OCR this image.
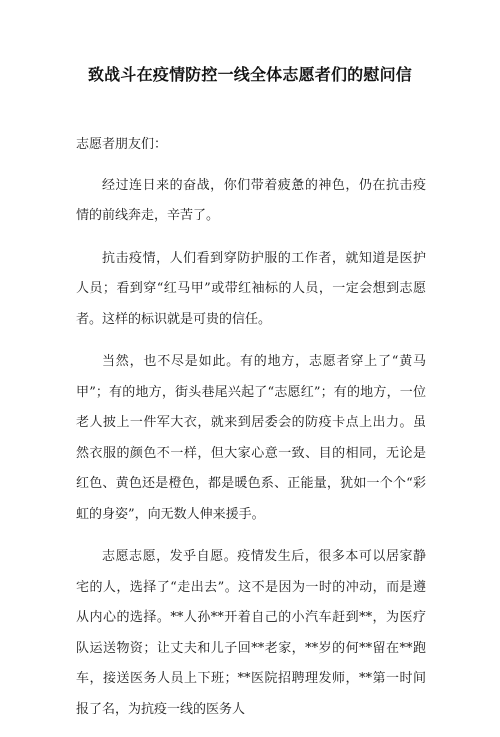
致战斗在疫情防控一线全体志愿者们的慰问信

志愿者朋友们：

经过连日来的奋战，你们带着疲惫的神色，仍在抗击疫情的前线奔走，辛苦了。

抗击疫情，人们看到穿防护服的工作者，就知道是医护人员；看到穿“红马甲”或带红袖标的人员，一定会想到志愿者。这样的标识就是可贵的信任。

当然，也不尽是如此。有的地方，志愿者穿上了“黄马甲”；有的地方，街头巷尾兴起了“志愿红”；有的地方，一位老人披上一件军大衣，就来到居委会的防疫卡点上出力。虽然衣服的颜色不一样，但大家心意一致、目的相同，无论是红色、黄色还是橙色，都是暖色系、正能量，犹如一个个“彩虹的身姿”，向无数人伸来援手。

志愿志愿，发乎自愿。疫情发生后，很多本可以居家静宅的人，选择了“走出去”。这不是因为一时的冲动，而是遵从内心的选择。**人孙**开着自己的小汽车赶到**，为医疗队运送物资；让丈夫和儿子回**老家，**岁的何**留在**跑车，接送医务人员上下班；**医院招聘理发师，**第一时间报了名，为抗疫一线的医务人
